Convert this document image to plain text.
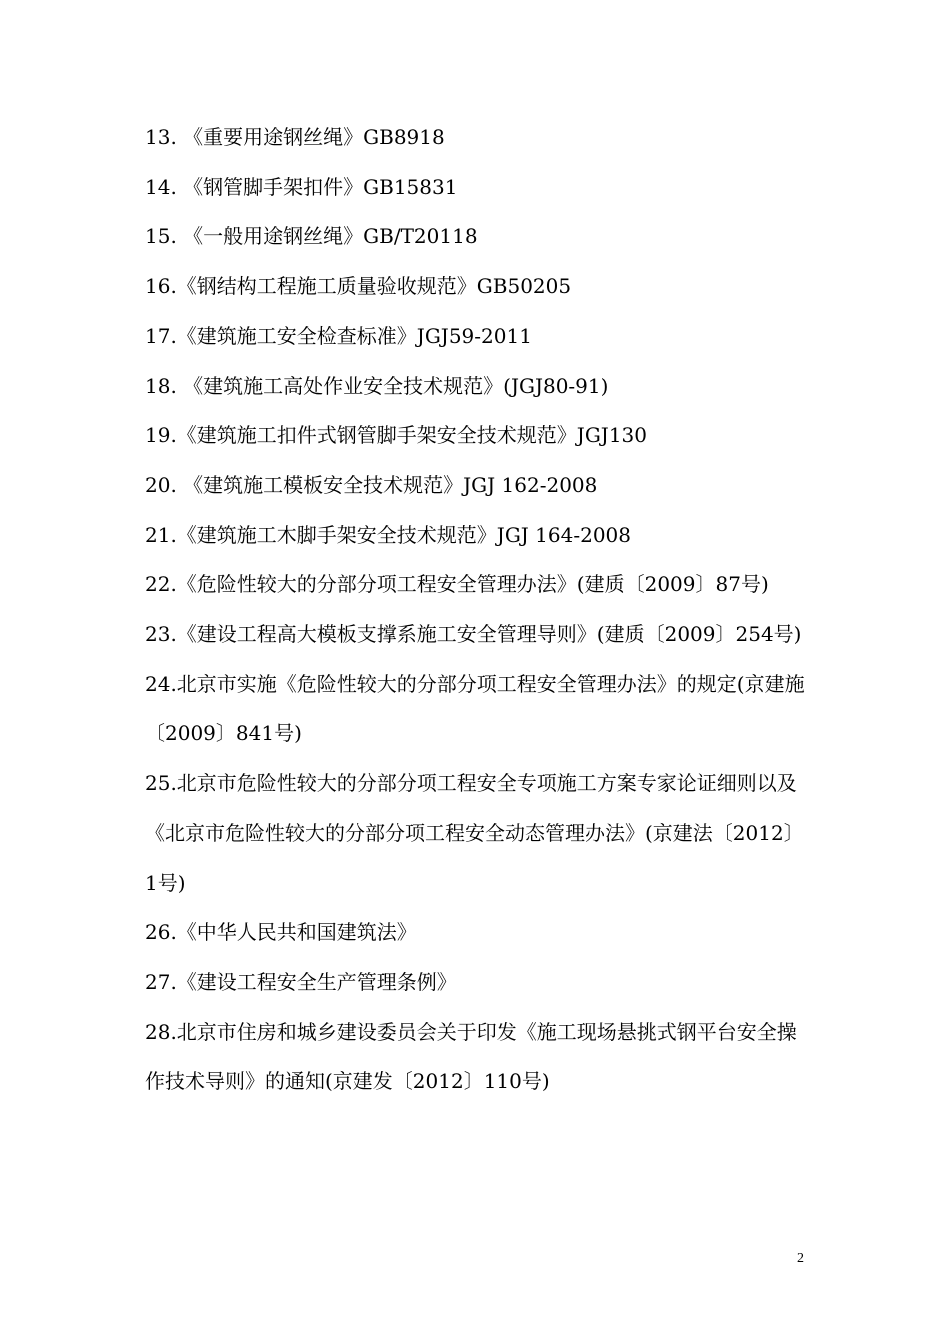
13. 《重要用途钢丝绳》GB8918
14. 《钢管脚手架扣件》GB15831
15. 《一般用途钢丝绳》GB/T20118
16.《钢结构工程施工质量验收规范》GB50205
17.《建筑施工安全检查标准》JGJ59-2011
18. 《建筑施工高处作业安全技术规范》(JGJ80-91)
19.《建筑施工扣件式钢管脚手架安全技术规范》JGJ130
20. 《建筑施工模板安全技术规范》JGJ 162-2008
21.《建筑施工木脚手架安全技术规范》JGJ 164-2008
22.《危险性较大的分部分项工程安全管理办法》(建质〔2009〕87号)
23.《建设工程高大模板支撑系施工安全管理导则》(建质〔2009〕254号)
24.北京市实施《危险性较大的分部分项工程安全管理办法》的规定(京建施〔2009〕841号)
25.北京市危险性较大的分部分项工程安全专项施工方案专家论证细则以及《北京市危险性较大的分部分项工程安全动态管理办法》(京建法〔2012〕1号)
26.《中华人民共和国建筑法》
27.《建设工程安全生产管理条例》
28.北京市住房和城乡建设委员会关于印发《施工现场悬挑式钢平台安全操作技术导则》的通知(京建发〔2012〕110号)
2
